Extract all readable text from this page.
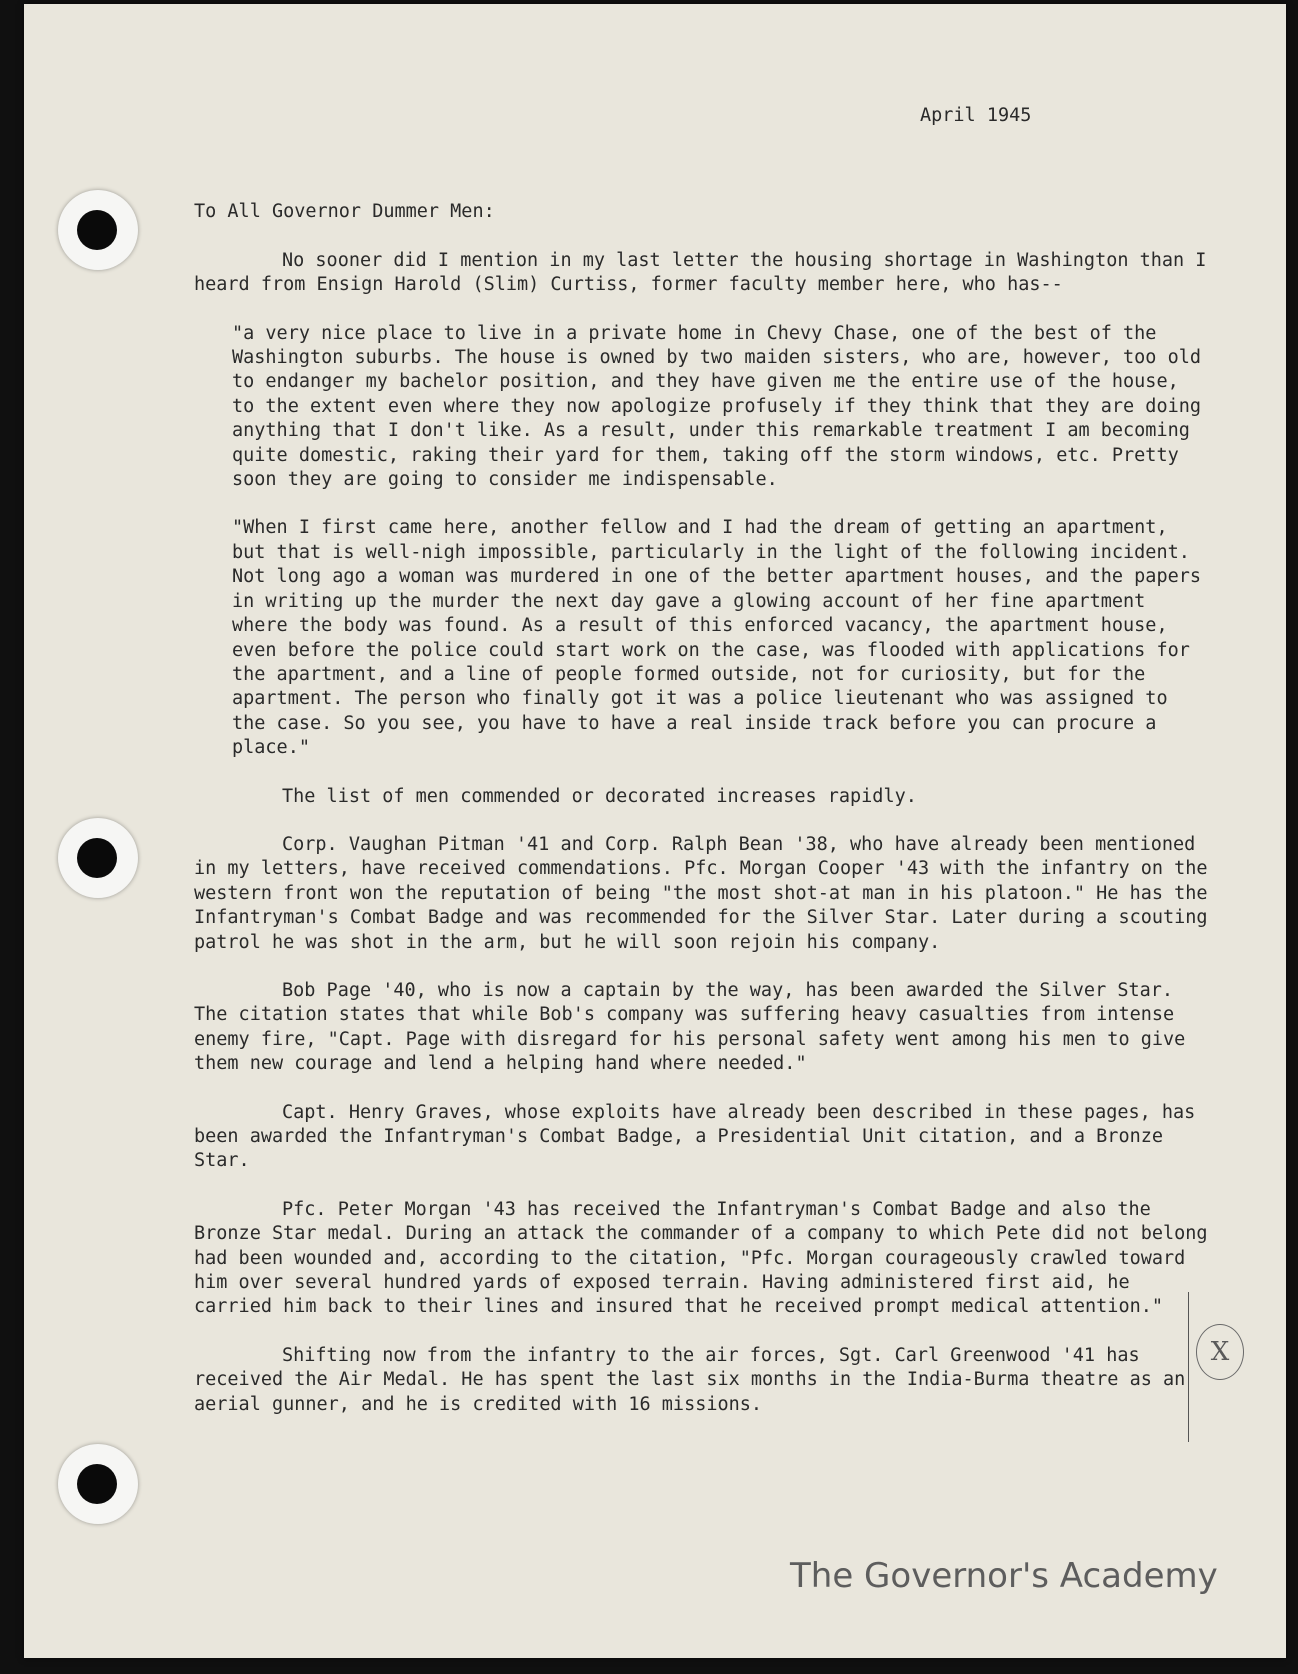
April 1945
To All Governor Dummer Men:

No sooner did I mention in my last letter the housing shortage in Washington than I heard from Ensign Harold (Slim) Curtiss, former faculty member here, who has--

"a very nice place to live in a private home in Chevy Chase, one of the best of the Washington suburbs. The house is owned by two maiden sisters, who are, however, too old to endanger my bachelor position, and they have given me the entire use of the house, to the extent even where they now apologize profusely if they think that they are doing anything that I don't like. As a result, under this remarkable treatment I am becoming quite domestic, raking their yard for them, taking off the storm windows, etc. Pretty soon they are going to consider me indispensable.

"When I first came here, another fellow and I had the dream of getting an apartment, but that is well-nigh impossible, particularly in the light of the following incident. Not long ago a woman was murdered in one of the better apartment houses, and the papers in writing up the murder the next day gave a glowing account of her fine apartment where the body was found. As a result of this enforced vacancy, the apartment house, even before the police could start work on the case, was flooded with applications for the apartment, and a line of people formed outside, not for curiosity, but for the apartment. The person who finally got it was a police lieutenant who was assigned to the case. So you see, you have to have a real inside track before you can procure a place."

The list of men commended or decorated increases rapidly.

Corp. Vaughan Pitman '41 and Corp. Ralph Bean '38, who have already been mentioned in my letters, have received commendations. Pfc. Morgan Cooper '43 with the infantry on the western front won the reputation of being "the most shot-at man in his platoon." He has the Infantryman's Combat Badge and was recommended for the Silver Star. Later during a scouting patrol he was shot in the arm, but he will soon rejoin his company.

Bob Page '40, who is now a captain by the way, has been awarded the Silver Star. The citation states that while Bob's company was suffering heavy casualties from intense enemy fire, "Capt. Page with disregard for his personal safety went among his men to give them new courage and lend a helping hand where needed."

Capt. Henry Graves, whose exploits have already been described in these pages, has been awarded the Infantryman's Combat Badge, a Presidential Unit citation, and a Bronze Star.

Pfc. Peter Morgan '43 has received the Infantryman's Combat Badge and also the Bronze Star medal. During an attack the commander of a company to which Pete did not belong had been wounded and, according to the citation, "Pfc. Morgan courageously crawled toward him over several hundred yards of exposed terrain. Having administered first aid, he carried him back to their lines and insured that he received prompt medical attention."

Shifting now from the infantry to the air forces, Sgt. Carl Greenwood '41 has received the Air Medal. He has spent the last six months in the India-Burma theatre as an aerial gunner, and he is credited with 16 missions.

X
The Governor's Academy
